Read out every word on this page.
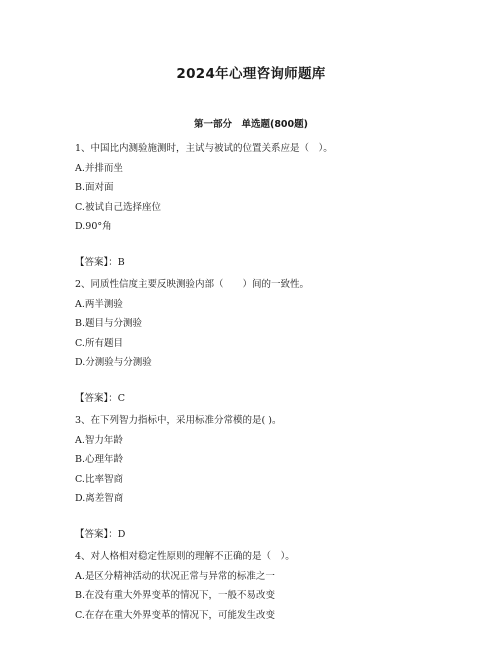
2024年心理咨询师题库
第一部分　单选题(800题)
1、中国比内测验施测时，主试与被试的位置关系应是（　）。
A.并排而坐
B.面对面
C.被试自己选择座位
D.90°角
【答案】：B
2、同质性信度主要反映测验内部（　　）间的一致性。
A.两半测验
B.题目与分测验
C.所有题目
D.分测验与分测验
【答案】：C
3、在下列智力指标中，采用标准分常模的是( )。
A.智力年龄
B.心理年龄
C.比率智商
D.离差智商
【答案】：D
4、对人格相对稳定性原则的理解不正确的是（　）。
A.是区分精神活动的状况正常与异常的标准之一
B.在没有重大外界变革的情况下，一般不易改变
C.在存在重大外界变革的情况下，可能发生改变
